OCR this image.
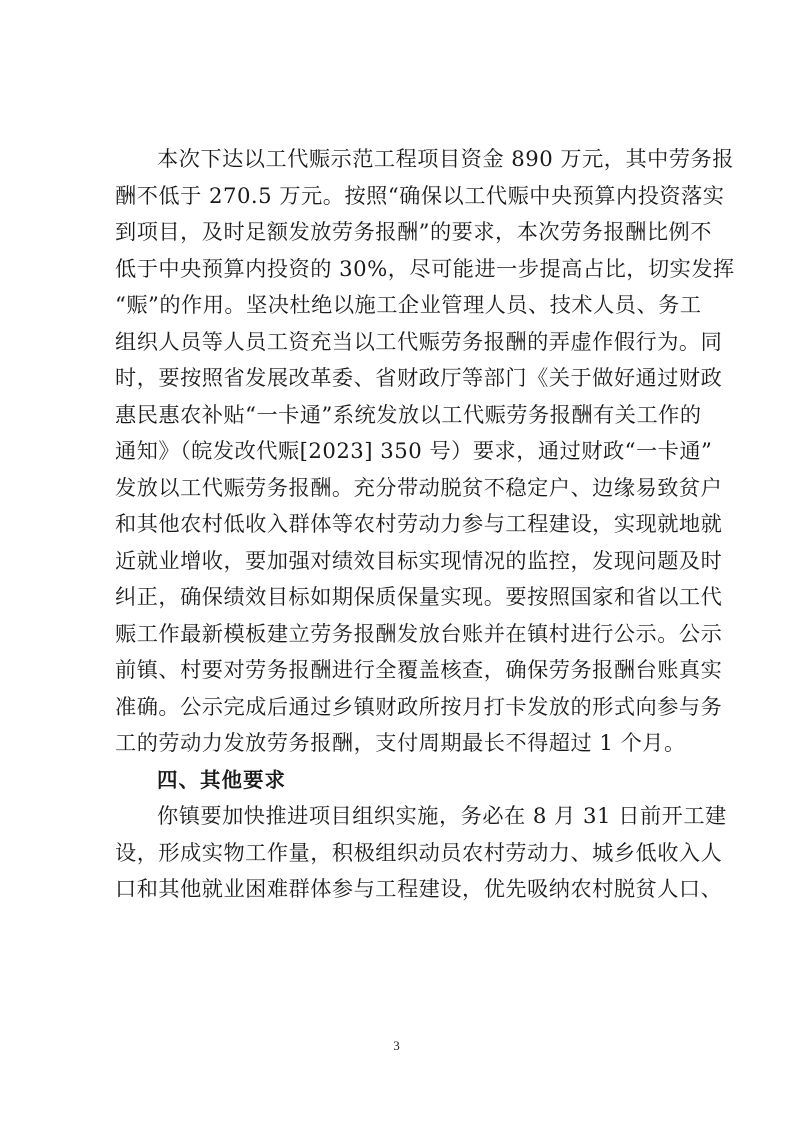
本次下达以工代赈示范工程项目资金 890 万元，其中劳务报
酬不低于 270.5 万元。按照“确保以工代赈中央预算内投资落实
到项目，及时足额发放劳务报酬”的要求，本次劳务报酬比例不
低于中央预算内投资的 30%，尽可能进一步提高占比，切实发挥
“赈”的作用。坚决杜绝以施工企业管理人员、技术人员、务工
组织人员等人员工资充当以工代赈劳务报酬的弄虚作假行为。同
时，要按照省发展改革委、省财政厅等部门《关于做好通过财政
惠民惠农补贴“一卡通”系统发放以工代赈劳务报酬有关工作的
通知》（皖发改代赈[2023] 350 号）要求，通过财政“一卡通”
发放以工代赈劳务报酬。充分带动脱贫不稳定户、边缘易致贫户
和其他农村低收入群体等农村劳动力参与工程建设，实现就地就
近就业增收，要加强对绩效目标实现情况的监控，发现问题及时
纠正，确保绩效目标如期保质保量实现。要按照国家和省以工代
赈工作最新模板建立劳务报酬发放台账并在镇村进行公示。公示
前镇、村要对劳务报酬进行全覆盖核查，确保劳务报酬台账真实
准确。公示完成后通过乡镇财政所按月打卡发放的形式向参与务
工的劳动力发放劳务报酬，支付周期最长不得超过 1 个月。
四、其他要求
你镇要加快推进项目组织实施，务必在 8 月 31 日前开工建
设，形成实物工作量，积极组织动员农村劳动力、城乡低收入人
口和其他就业困难群体参与工程建设，优先吸纳农村脱贫人口、
3
